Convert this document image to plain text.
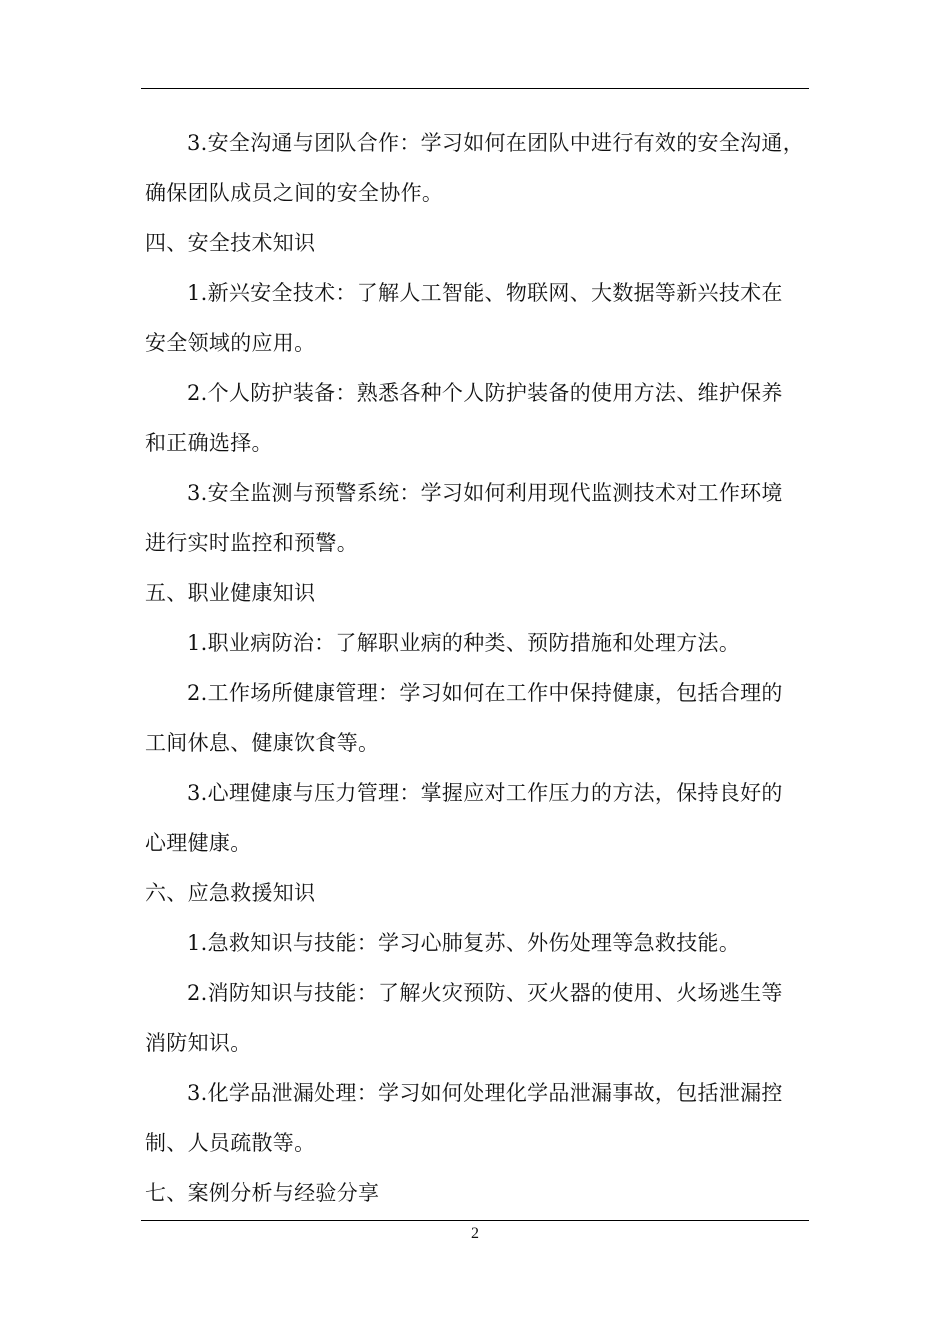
3.安全沟通与团队合作：学习如何在团队中进行有效的安全沟通，
确保团队成员之间的安全协作。
四、安全技术知识
1.新兴安全技术：了解人工智能、物联网、大数据等新兴技术在
安全领域的应用。
2.个人防护装备：熟悉各种个人防护装备的使用方法、维护保养
和正确选择。
3.安全监测与预警系统：学习如何利用现代监测技术对工作环境
进行实时监控和预警。
五、职业健康知识
1.职业病防治：了解职业病的种类、预防措施和处理方法。
2.工作场所健康管理：学习如何在工作中保持健康，包括合理的
工间休息、健康饮食等。
3.心理健康与压力管理：掌握应对工作压力的方法，保持良好的
心理健康。
六、应急救援知识
1.急救知识与技能：学习心肺复苏、外伤处理等急救技能。
2.消防知识与技能：了解火灾预防、灭火器的使用、火场逃生等
消防知识。
3.化学品泄漏处理：学习如何处理化学品泄漏事故，包括泄漏控
制、人员疏散等。
七、案例分析与经验分享
2
